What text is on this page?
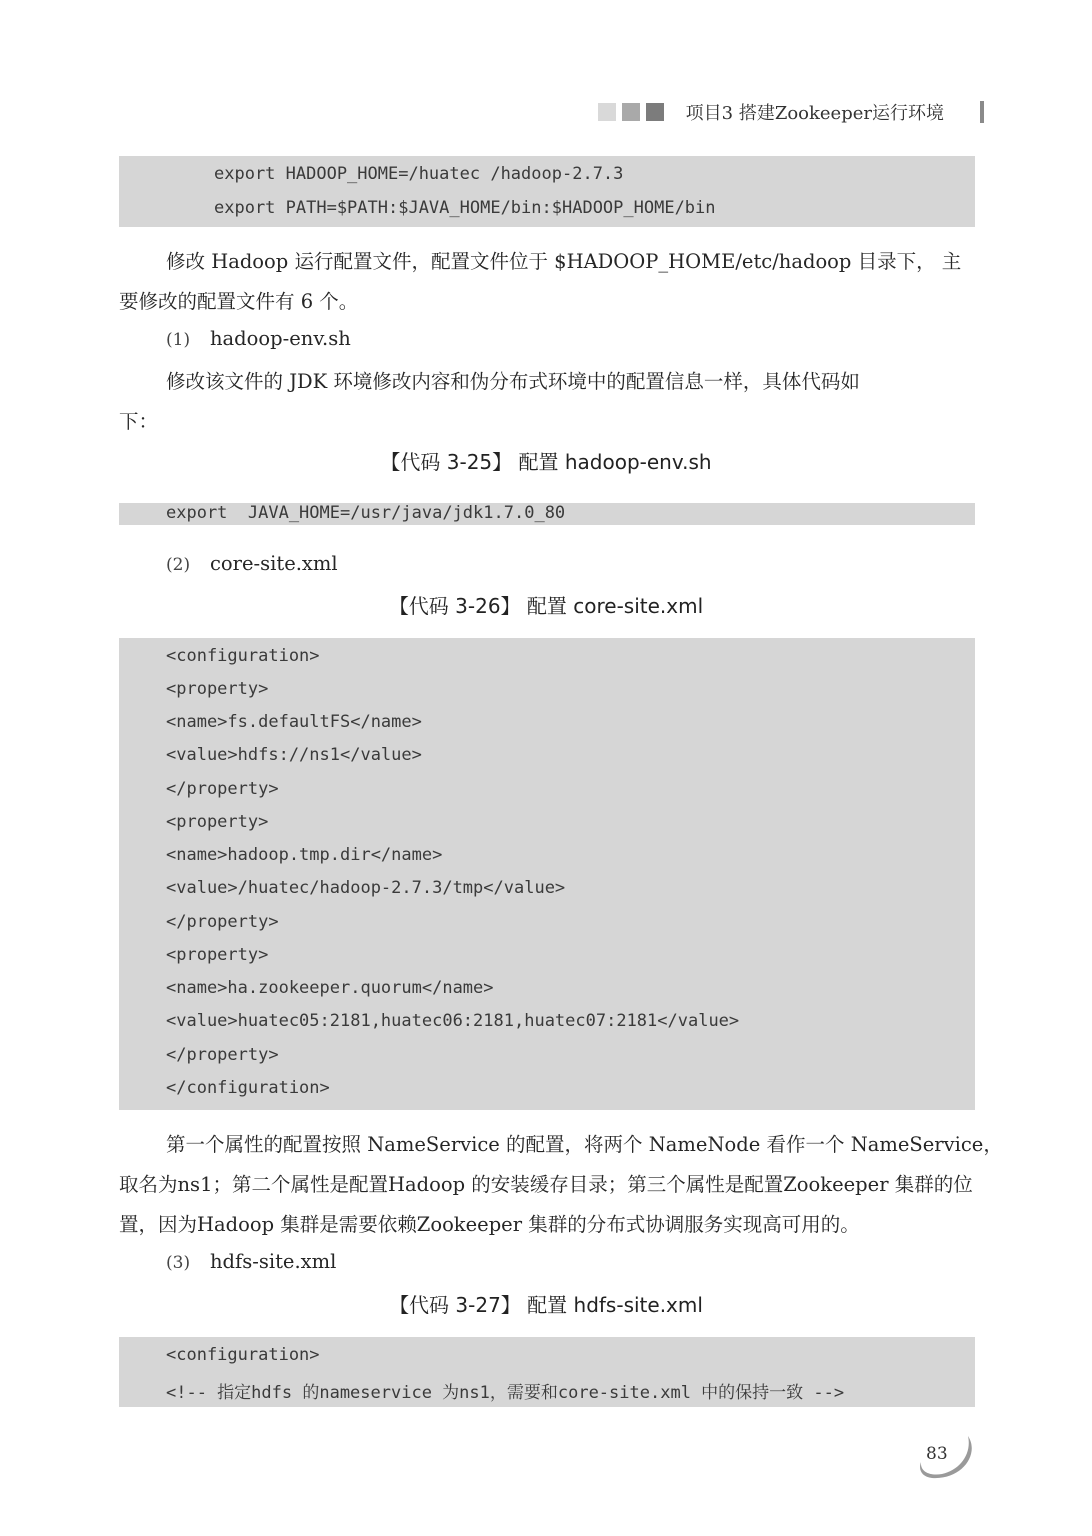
项目3 搭建Zookeeper运行环境
export HADOOP_HOME=/huatec /hadoop-2.7.3
export PATH=$PATH:$JAVA_HOME/bin:$HADOOP_HOME/bin
修改 Hadoop 运行配置文件，配置文件位于 $HADOOP_HOME/etc/hadoop 目录下， 主
要修改的配置文件有 6 个。
(1) hadoop-env.sh
修改该文件的 JDK 环境修改内容和伪分布式环境中的配置信息一样，具体代码如
下：
【代码 3-25】 配置 hadoop-env.sh
export  JAVA_HOME=/usr/java/jdk1.7.0_80
(2) core-site.xml
【代码 3-26】 配置 core-site.xml
<configuration>
<property>
<name>fs.defaultFS</name>
<value>hdfs://ns1</value>
</property>
<property>
<name>hadoop.tmp.dir</name>
<value>/huatec/hadoop-2.7.3/tmp</value>
</property>
<property>
<name>ha.zookeeper.quorum</name>
<value>huatec05:2181,huatec06:2181,huatec07:2181</value>
</property>
</configuration>
第一个属性的配置按照 NameService 的配置，将两个 NameNode 看作一个 NameService，
取名为ns1；第二个属性是配置Hadoop 的安装缓存目录；第三个属性是配置Zookeeper 集群的位
置，因为Hadoop 集群是需要依赖Zookeeper 集群的分布式协调服务实现高可用的。
(3) hdfs-site.xml
【代码 3-27】 配置 hdfs-site.xml
<configuration>
<!-- 指定hdfs 的nameservice 为ns1，需要和core-site.xml 中的保持一致 -->
83
